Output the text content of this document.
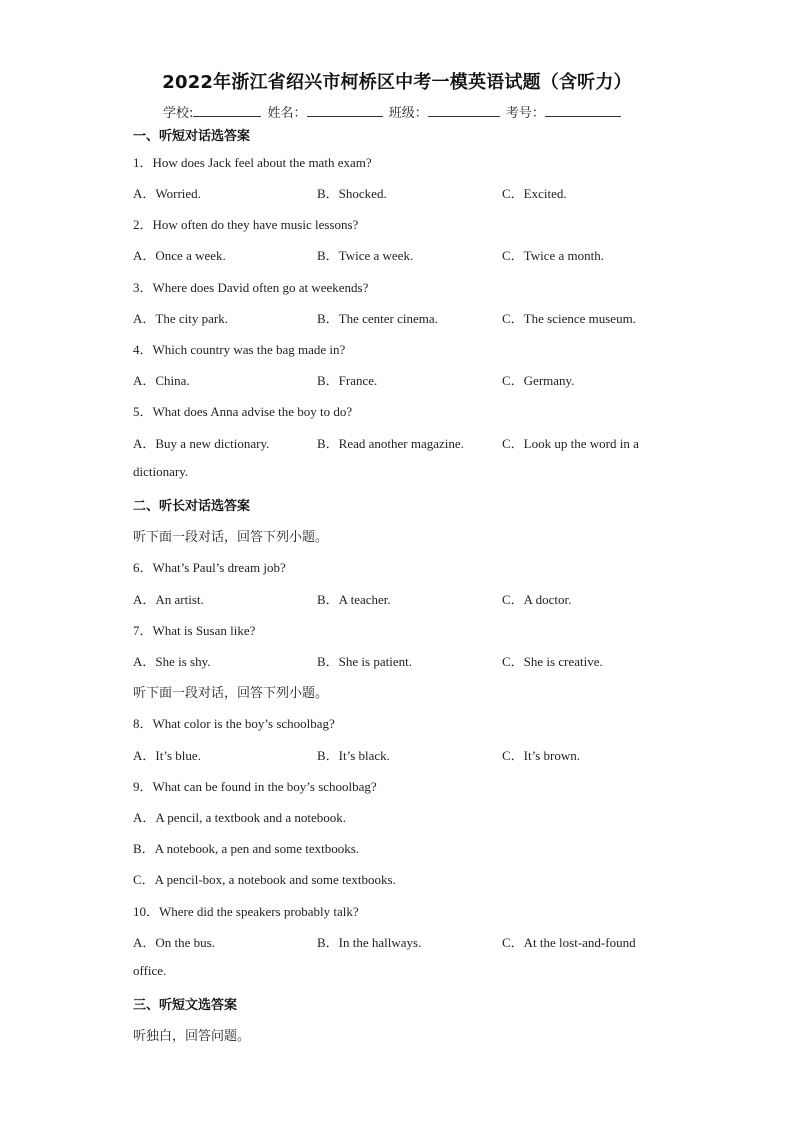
2022年浙江省绍兴市柯桥区中考一模英语试题（含听力）
学校:	姓名：	班级：	考号：
一、听短对话选答案
1．How does Jack feel about the math exam?
A．Worried.	B．Shocked.	C．Excited.
2．How often do they have music lessons?
A．Once a week.	B．Twice a week.	C．Twice a month.
3．Where does David often go at weekends?
A．The city park.	B．The center cinema.	C．The science museum.
4．Which country was the bag made in?
A．China.	B．France.	C．Germany.
5．What does Anna advise the boy to do?
A．Buy a new dictionary.	B．Read another magazine.	C．Look up the word in a
dictionary.
二、听长对话选答案
听下面一段对话，回答下列小题。
6．What’s Paul’s dream job?
A．An artist.	B．A teacher.	C．A doctor.
7．What is Susan like?
A．She is shy.	B．She is patient.	C．She is creative.
听下面一段对话，回答下列小题。
8．What color is the boy’s schoolbag?
A．It’s blue.	B．It’s black.	C．It’s brown.
9．What can be found in the boy’s schoolbag?
A．A pencil, a textbook and a notebook.
B．A notebook, a pen and some textbooks.
C．A pencil-box, a notebook and some textbooks.
10．Where did the speakers probably talk?
A．On the bus.	B．In the hallways.	C．At the lost-and-found
office.
三、听短文选答案
听独白，回答问题。
